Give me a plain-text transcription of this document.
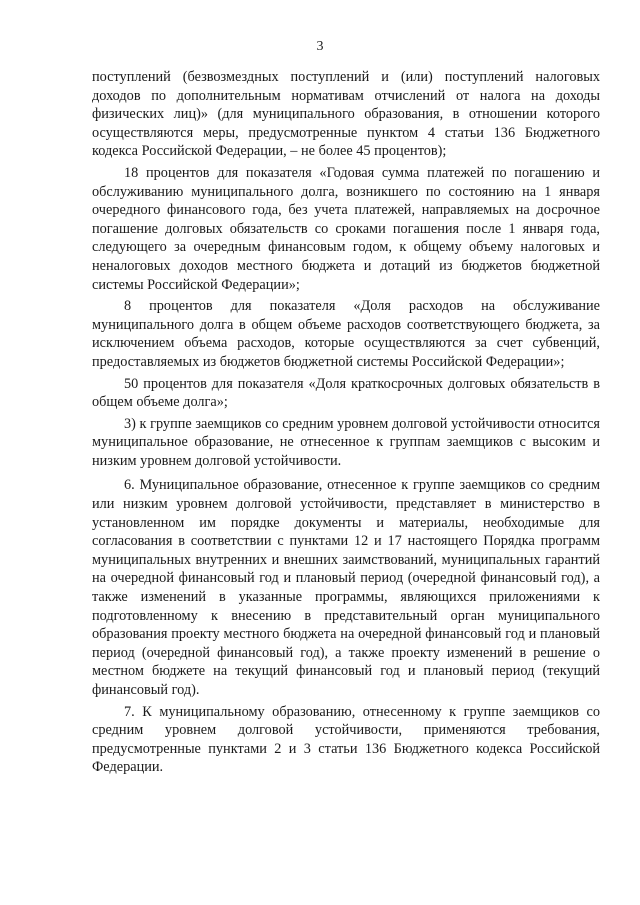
3

поступлений (безвозмездных поступлений и (или) поступлений налоговых доходов по дополнительным нормативам отчислений от налога на доходы физических лиц)» (для муниципального образования, в отношении которого осуществляются меры, предусмотренные пунктом 4 статьи 136 Бюджетного кодекса Российской Федерации, – не более 45 процентов);

18 процентов для показателя «Годовая сумма платежей по погашению и обслуживанию муниципального долга, возникшего по состоянию на 1 января очередного финансового года, без учета платежей, направляемых на досрочное погашение долговых обязательств со сроками погашения после 1 января года, следующего за очередным финансовым годом, к общему объему налоговых и неналоговых доходов местного бюджета и дотаций из бюджетов бюджетной системы Российской Федерации»;

8 процентов для показателя «Доля расходов на обслуживание муниципального долга в общем объеме расходов соответствующего бюджета, за исключением объема расходов, которые осуществляются за счет субвенций, предоставляемых из бюджетов бюджетной системы Российской Федерации»;

50 процентов для показателя «Доля краткосрочных долговых обязательств в общем объеме долга»;

3) к группе заемщиков со средним уровнем долговой устойчивости относится муниципальное образование, не отнесенное к группам заемщиков с высоким и низким уровнем долговой устойчивости.

6. Муниципальное образование, отнесенное к группе заемщиков со средним или низким уровнем долговой устойчивости, представляет в министерство в установленном им порядке документы и материалы, необходимые для согласования в соответствии с пунктами 12 и 17 настоящего Порядка программ муниципальных внутренних и внешних заимствований, муниципальных гарантий на очередной финансовый год и плановый период (очередной финансовый год), а также изменений в указанные программы, являющихся приложениями к подготовленному к внесению в представительный орган муниципального образования проекту местного бюджета на очередной финансовый год и плановый период (очередной финансовый год), а также проекту изменений в решение о местном бюджете на текущий финансовый год и плановый период (текущий финансовый год).

7. К муниципальному образованию, отнесенному к группе заемщиков со средним уровнем долговой устойчивости, применяются требования, предусмотренные пунктами 2 и 3 статьи 136 Бюджетного кодекса Российской Федерации.
